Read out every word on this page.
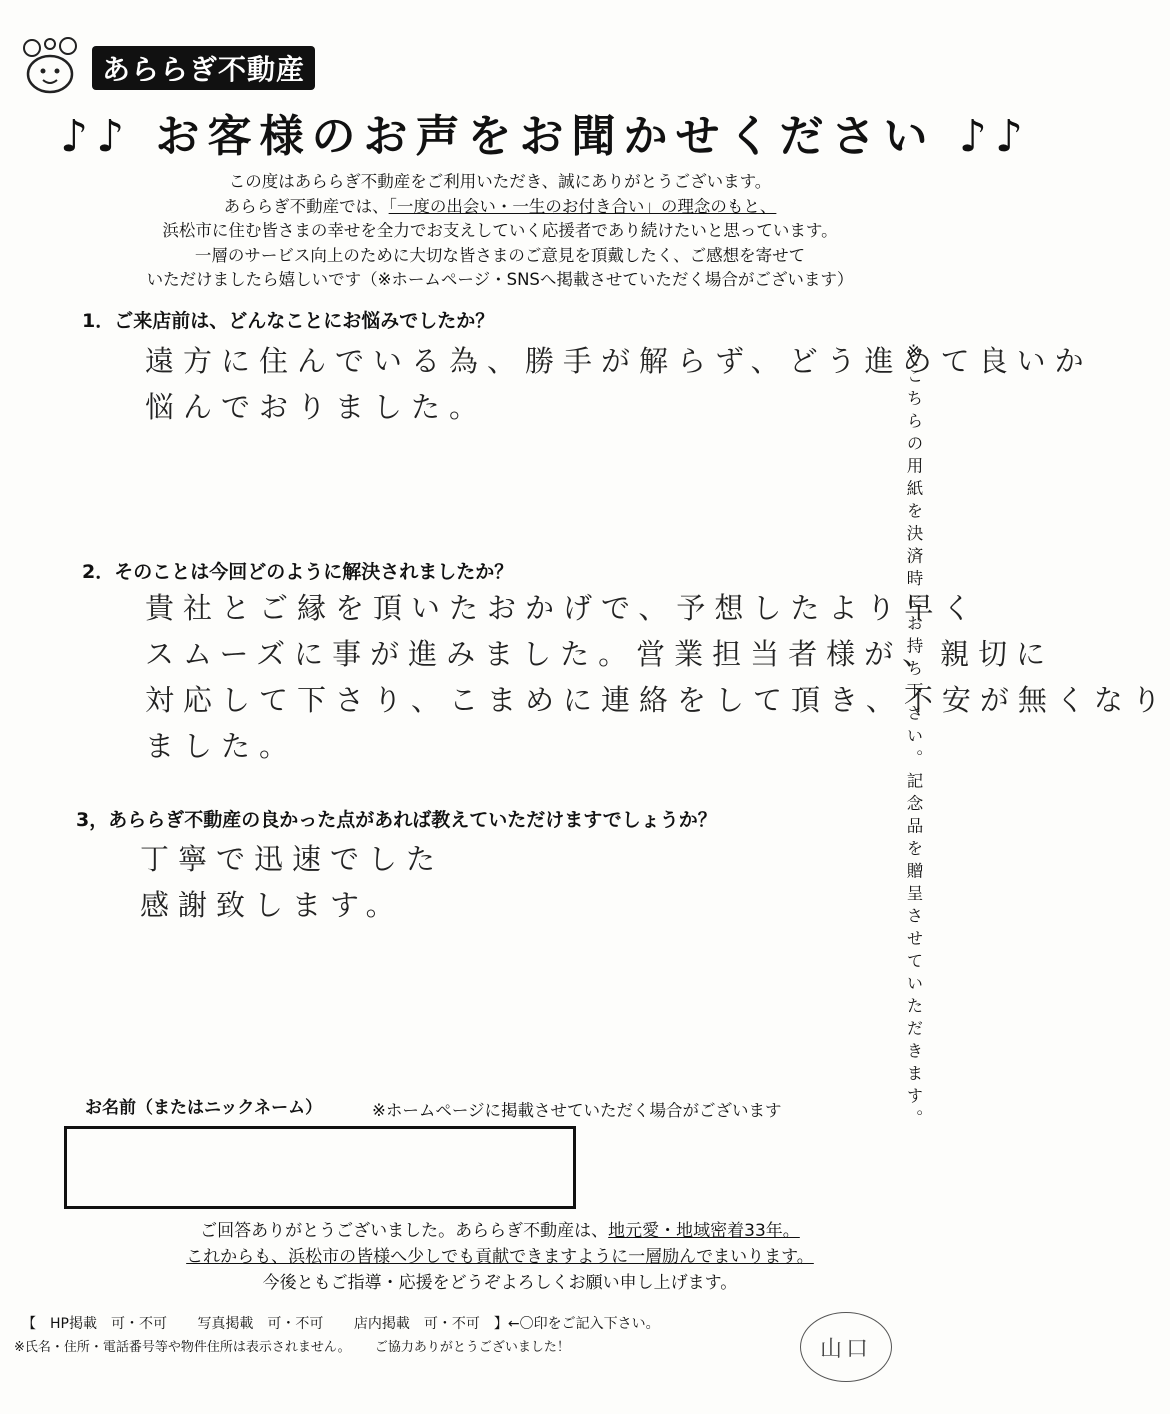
あららぎ不動産
♪♪ お客様のお声をお聞かせください ♪♪
この度はあららぎ不動産をご利用いただき、誠にありがとうございます。
あららぎ不動産では、「一度の出会い・一生のお付き合い」の理念のもと、
浜松市に住む皆さまの幸せを全力でお支えしていく応援者であり続けたいと思っています。
一層のサービス向上のために大切な皆さまのご意見を頂戴したく、ご感想を寄せて
いただけましたら嬉しいです（※ホームページ・SNSへ掲載させていただく場合がございます）
1．ご来店前は、どんなことにお悩みでしたか？
遠方に住んでいる為、勝手が解らず、どう進めて良いか
悩んでおりました。
2．そのことは今回どのように解決されましたか？
貴社とご縁を頂いたおかげで、予想したより早く
スムーズに事が進みました。営業担当者様が、親切に
対応して下さり、こまめに連絡をして頂き、不安が無くなり
ました。
3，あららぎ不動産の良かった点があれば教えていただけますでしょうか？
丁寧で迅速でした
感謝致します。	※こちらの用紙を決済時にお持ち下さい。記念品を贈呈させていただきます。
お名前（またはニックネーム）	※ホームページに掲載させていただく場合がございます
ご回答ありがとうございました。あららぎ不動産は、地元愛・地域密着33年。
これからも、浜松市の皆様へ少しでも貢献できますように一層励んでまいります。
今後ともご指導・応援をどうぞよろしくお願い申し上げます。
【　HP掲載　可・不可 写真掲載　可・不可 店内掲載　可・不可　】←〇印をご記入下さい。
※氏名・住所・電話番号等や物件住所は表示されません。 ご協力ありがとうございました！	山口
